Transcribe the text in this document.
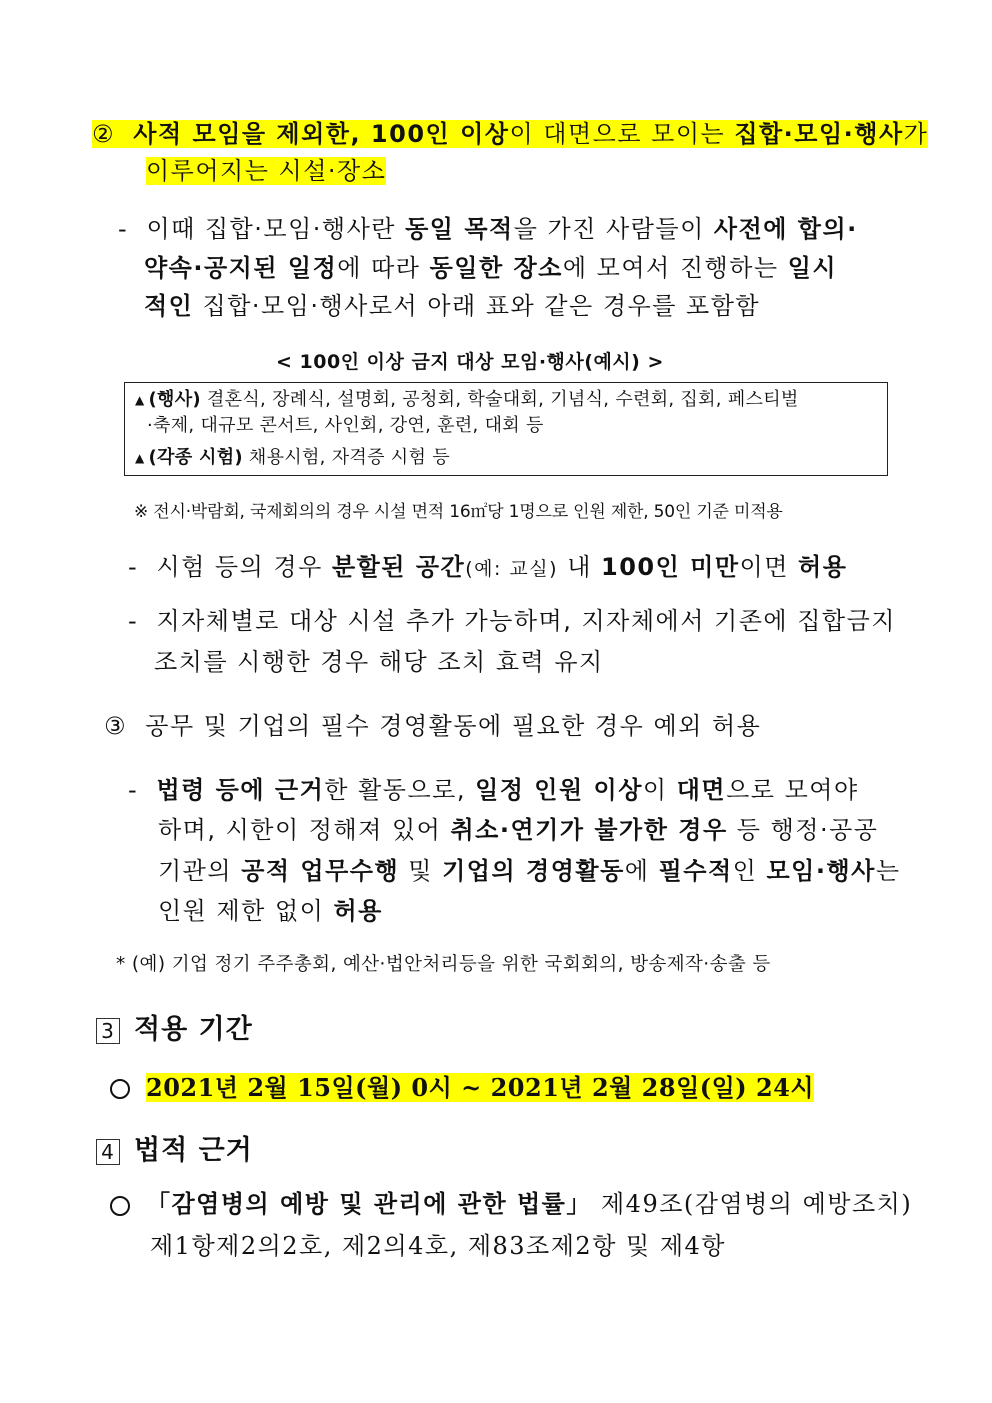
② 사적 모임을 제외한, 100인 이상이 대면으로 모이는 집합·모임·행사가
이루어지는 시설·장소
- 이때 집합·모임·행사란 동일 목적을 가진 사람들이 사전에 합의·
약속·공지된 일정에 따라 동일한 장소에 모여서 진행하는 일시
적인 집합·모임·행사로서 아래 표와 같은 경우를 포함함
< 100인 이상 금지 대상 모임·행사(예시) >
▲ (행사) 결혼식, 장례식, 설명회, 공청회, 학술대회, 기념식, 수련회, 집회, 페스티벌
·축제, 대규모 콘서트, 사인회, 강연, 훈련, 대회 등
▲ (각종 시험) 채용시험, 자격증 시험 등
※ 전시·박람회, 국제회의의 경우 시설 면적 16㎡당 1명으로 인원 제한, 50인 기준 미적용
- 시험 등의 경우 분할된 공간(예: 교실) 내 100인 미만이면 허용
- 지자체별로 대상 시설 추가 가능하며, 지자체에서 기존에 집합금지
조치를 시행한 경우 해당 조치 효력 유지
③ 공무 및 기업의 필수 경영활동에 필요한 경우 예외 허용
- 법령 등에 근거한 활동으로, 일정 인원 이상이 대면으로 모여야
하며, 시한이 정해져 있어 취소·연기가 불가한 경우 등 행정·공공
기관의 공적 업무수행 및 기업의 경영활동에 필수적인 모임·행사는
인원 제한 없이 허용
* (예) 기업 정기 주주총회, 예산·법안처리등을 위한 국회회의, 방송제작·송출 등
3 적용 기간
2021년 2월 15일(월) 0시 ~ 2021년 2월 28일(일) 24시
4 법적 근거
「감염병의 예방 및 관리에 관한 법률」 제49조(감염병의 예방조치)
제1항제2의2호, 제2의4호, 제83조제2항 및 제4항
